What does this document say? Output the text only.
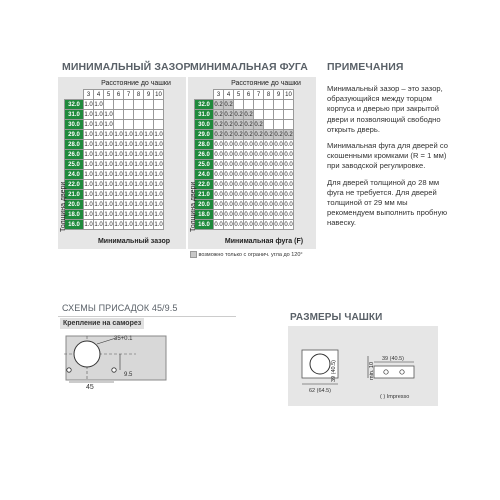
МИНИМАЛЬНЫЙ ЗАЗОР МИНИМАЛЬНАЯ ФУГА ПРИМЕЧАНИЯ
Расстояние до чашки
	3	4	5	6	7	8	9	10
32.0	1.0	1.0						
31.0	1.0	1.0	1.0					
30.0	1.0	1.0	1.0					
29.0	1.0	1.0	1.0	1.0	1.0	1.0	1.0	1.0
28.0	1.0	1.0	1.0	1.0	1.0	1.0	1.0	1.0
26.0	1.0	1.0	1.0	1.0	1.0	1.0	1.0	1.0
25.0	1.0	1.0	1.0	1.0	1.0	1.0	1.0	1.0
24.0	1.0	1.0	1.0	1.0	1.0	1.0	1.0	1.0
22.0	1.0	1.0	1.0	1.0	1.0	1.0	1.0	1.0
21.0	1.0	1.0	1.0	1.0	1.0	1.0	1.0	1.0
20.0	1.0	1.0	1.0	1.0	1.0	1.0	1.0	1.0
18.0	1.0	1.0	1.0	1.0	1.0	1.0	1.0	1.0
16.0	1.0	1.0	1.0	1.0	1.0	1.0	1.0	1.0
Толщина двери
Минимальный зазор
Расстояние до чашки
	3	4	5	6	7	8	9	10
32.0	0.2	0.2						
31.0	0.2	0.2	0.2	0.2				
30.0	0.2	0.2	0.2	0.2	0.2			
29.0	0.2	0.2	0.2	0.2	0.2	0.2	0.2	0.2
28.0	0.0	0.0	0.0	0.0	0.0	0.0	0.0	0.0
26.0	0.0	0.0	0.0	0.0	0.0	0.0	0.0	0.0
25.0	0.0	0.0	0.0	0.0	0.0	0.0	0.0	0.0
24.0	0.0	0.0	0.0	0.0	0.0	0.0	0.0	0.0
22.0	0.0	0.0	0.0	0.0	0.0	0.0	0.0	0.0
21.0	0.0	0.0	0.0	0.0	0.0	0.0	0.0	0.0
20.0	0.0	0.0	0.0	0.0	0.0	0.0	0.0	0.0
18.0	0.0	0.0	0.0	0.0	0.0	0.0	0.0	0.0
16.0	0.0	0.0	0.0	0.0	0.0	0.0	0.0	0.0
Толщина двери
Минимальная фуга (F)
возможно только с огранич. угла до 120°

Минимальный зазор – это зазор, образующийся между торцом корпуса и дверью при закрытой двери и позволяющий свободно открыть дверь.

Минимальная фуга для дверей со скошенными кромками (R = 1 мм) при заводской регулировке.

Для дверей толщиной до 28 мм фуга не требуется. Для дверей толщиной от 29 мм мы рекомендуем выполнить пробную навеску.

СХЕМЫ ПРИСАДОК 45/9.5
РАЗМЕРЫ ЧАШКИ
Крепление на саморез
35+0.1
9.5
45
39 (40.5)	min. 10
62 (64.5)
39 (40.5)
( ) Impresso
